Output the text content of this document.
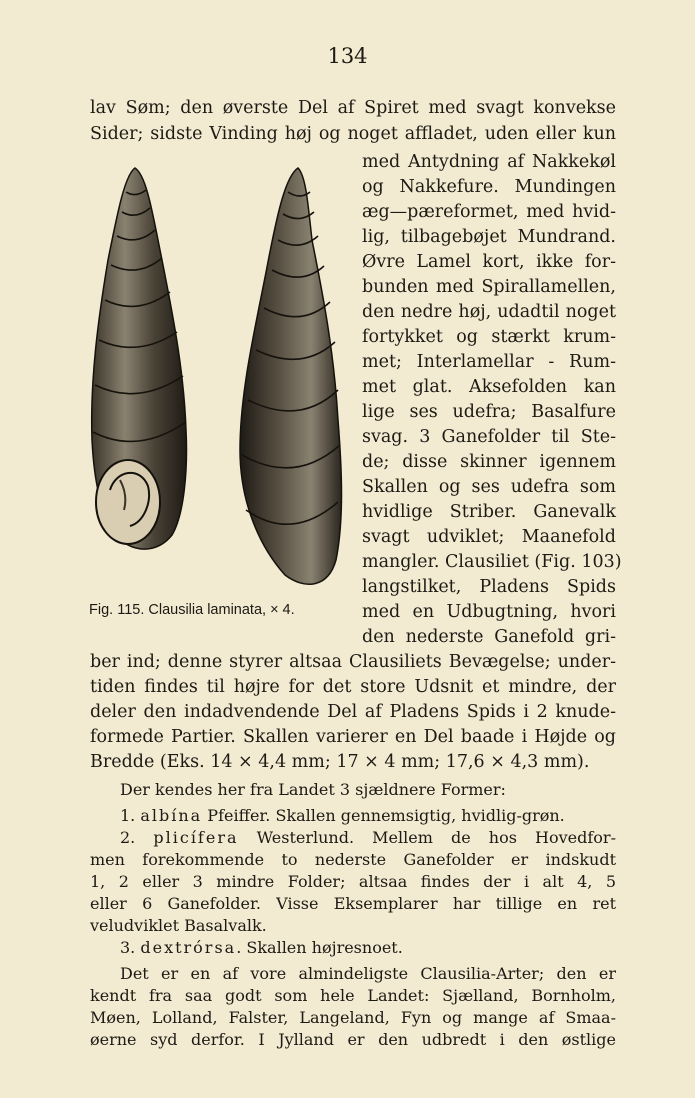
134
lav Søm; den øverste Del af Spiret med svagt konvekse
Sider; sidste Vinding høj og noget affladet, uden eller kun
med Antydning af Nakkekøl
og Nakkefure. Mundingen
æg—pæreformet, med hvid-
lig, tilbagebøjet Mundrand.
Øvre Lamel kort, ikke for-
bunden med Spirallamellen,
den nedre høj, udadtil noget
fortykket og stærkt krum-
met; Interlamellar - Rum-
met glat. Aksefolden kan
lige ses udefra; Basalfure
svag. 3 Ganefolder til Ste-
de; disse skinner igennem
Skallen og ses udefra som
hvidlige Striber. Ganevalk
svagt udviklet; Maanefold
mangler. Clausiliet (Fig. 103)
langstilket, Pladens Spids
med en Udbugtning, hvori
den nederste Ganefold gri-
Fig. 115. Clausilia laminata, × 4.
ber ind; denne styrer altsaa Clausiliets Bevægelse; under-
tiden findes til højre for det store Udsnit et mindre, der
deler den indadvendende Del af Pladens Spids i 2 knude-
formede Partier. Skallen varierer en Del baade i Højde og
Bredde (Eks. 14 × 4,4 mm; 17 × 4 mm; 17,6 × 4,3 mm).
Der kendes her fra Landet 3 sjældnere Former:
1. albína Pfeiffer. Skallen gennemsigtig, hvidlig-grøn.
2. plicífera Westerlund. Mellem de hos Hovedfor-
men forekommende to nederste Ganefolder er indskudt
1, 2 eller 3 mindre Folder; altsaa findes der i alt 4, 5
eller 6 Ganefolder. Visse Eksemplarer har tillige en ret
veludviklet Basalvalk.
3. dextrórsa. Skallen højresnoet.
Det er en af vore almindeligste Clausilia-Arter; den er
kendt fra saa godt som hele Landet: Sjælland, Bornholm,
Møen, Lolland, Falster, Langeland, Fyn og mange af Smaa-
øerne syd derfor. I Jylland er den udbredt i den østlige
